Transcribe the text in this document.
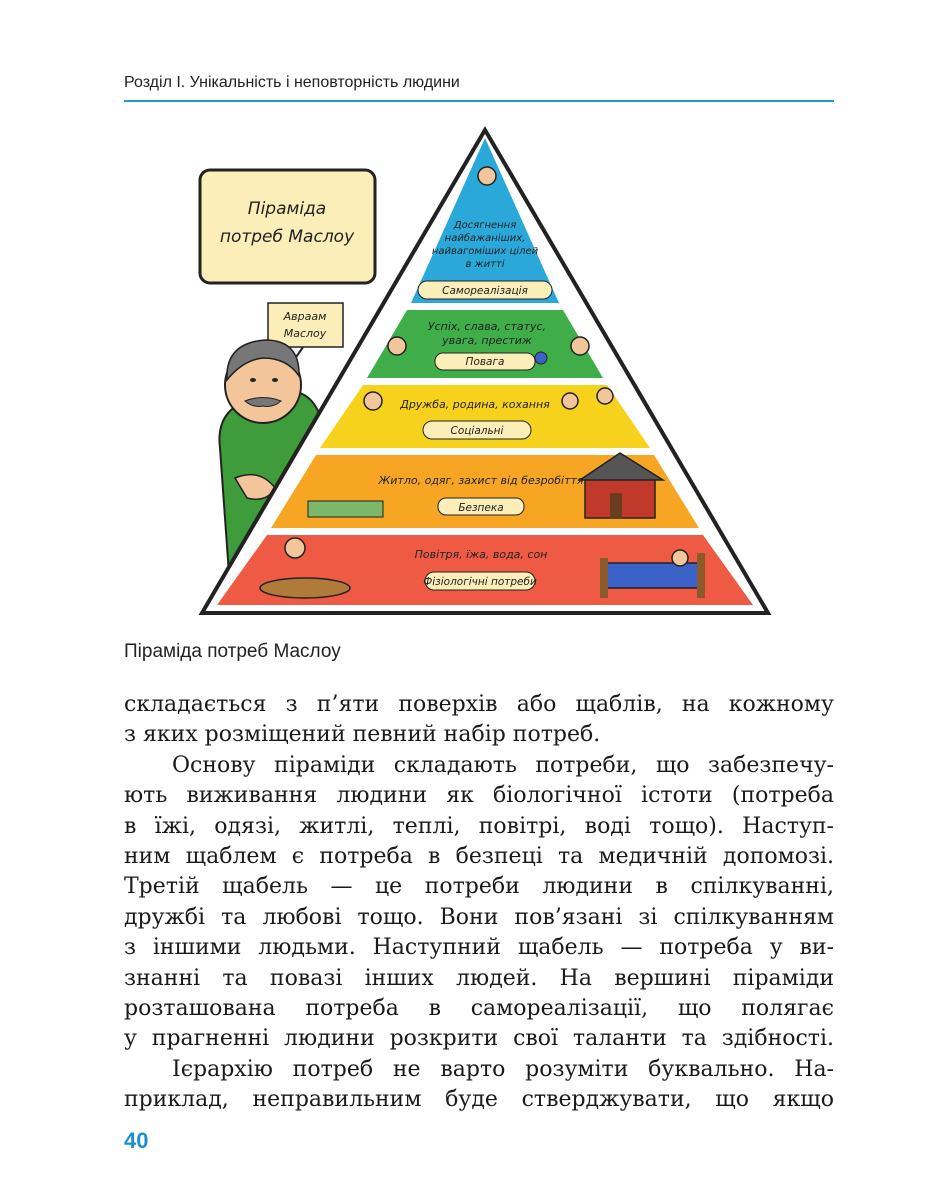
Розділ І. Унікальність і неповторність людини
Піраміда
потреб Маслоу
Авраам
Маслоу
Досягнення
найбажаніших,
найвагоміших цілей
в житті
Самореалізація
Успіх, слава, статус,
увага, престиж
Повага
Дружба, родина, кохання
Соціальні
Житло, одяг, захист від безробіття
Безпека
Повітря, їжа, вода, сон
Фізіологічні потреби
Піраміда потреб Маслоу

складається з п’яти поверхів або щаблів, на кожному
з яких розміщений певний набір потреб.

Основу піраміди складають потреби, що забезпечу-
ють виживання людини як біологічної істоти (потреба
в їжі, одязі, житлі, теплі, повітрі, воді тощо). Наступ-
ним щаблем є потреба в безпеці та медичній допомозі.
Третій щабель — це потреби людини в спілкуванні,
дружбі та любові тощо. Вони пов’язані зі спілкуванням
з іншими людьми. Наступний щабель — потреба у ви-
знанні та повазі інших людей. На вершині піраміди
розташована потреба в самореалізації, що полягає
у прагненні людини розкрити свої таланти та здібності.

Ієрархію потреб не варто розуміти буквально. На-
приклад, неправильним буде стверджувати, що якщо

40
